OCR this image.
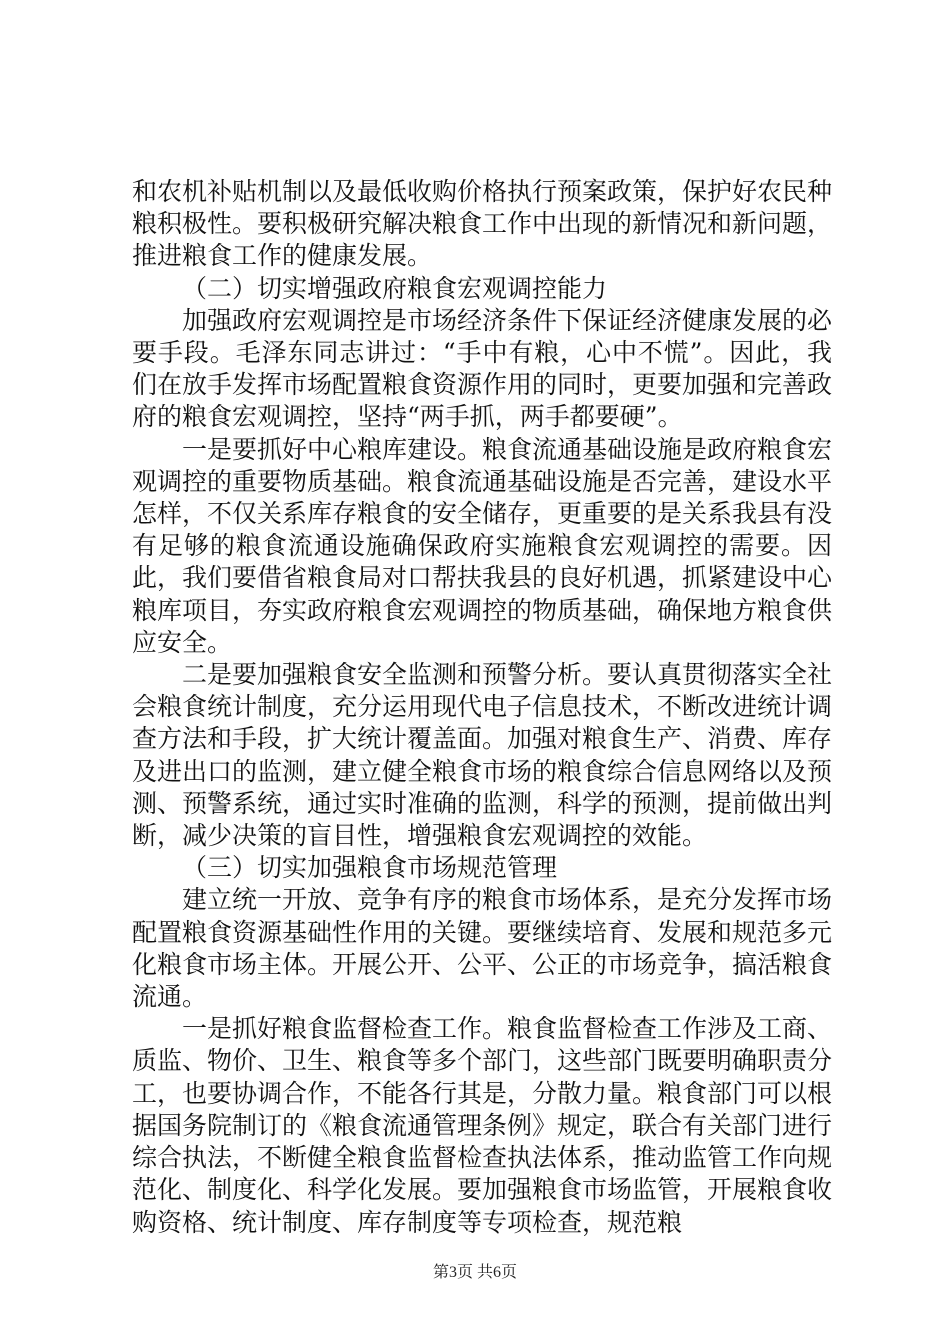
和农机补贴机制以及最低收购价格执行预案政策，保护好农民种粮积极性。要积极研究解决粮食工作中出现的新情况和新问题，推进粮食工作的健康发展。

（二）切实增强政府粮食宏观调控能力

加强政府宏观调控是市场经济条件下保证经济健康发展的必要手段。毛泽东同志讲过：“手中有粮，心中不慌”。因此，我们在放手发挥市场配置粮食资源作用的同时，更要加强和完善政府的粮食宏观调控，坚持“两手抓，两手都要硬”。

一是要抓好中心粮库建设。粮食流通基础设施是政府粮食宏观调控的重要物质基础。粮食流通基础设施是否完善，建设水平怎样，不仅关系库存粮食的安全储存，更重要的是关系我县有没有足够的粮食流通设施确保政府实施粮食宏观调控的需要。因此，我们要借省粮食局对口帮扶我县的良好机遇，抓紧建设中心粮库项目，夯实政府粮食宏观调控的物质基础，确保地方粮食供应安全。

二是要加强粮食安全监测和预警分析。要认真贯彻落实全社会粮食统计制度，充分运用现代电子信息技术，不断改进统计调查方法和手段，扩大统计覆盖面。加强对粮食生产、消费、库存及进出口的监测，建立健全粮食市场的粮食综合信息网络以及预测、预警系统，通过实时准确的监测，科学的预测，提前做出判断，减少决策的盲目性，增强粮食宏观调控的效能。

（三）切实加强粮食市场规范管理

建立统一开放、竞争有序的粮食市场体系，是充分发挥市场配置粮食资源基础性作用的关键。要继续培育、发展和规范多元化粮食市场主体。开展公开、公平、公正的市场竞争，搞活粮食流通。

一是抓好粮食监督检查工作。粮食监督检查工作涉及工商、质监、物价、卫生、粮食等多个部门，这些部门既要明确职责分工，也要协调合作，不能各行其是，分散力量。粮食部门可以根据国务院制订的《粮食流通管理条例》规定，联合有关部门进行综合执法，不断健全粮食监督检查执法体系，推动监管工作向规范化、制度化、科学化发展。要加强粮食市场监管，开展粮食收购资格、统计制度、库存制度等专项检查，规范粮

第3页 共6页
